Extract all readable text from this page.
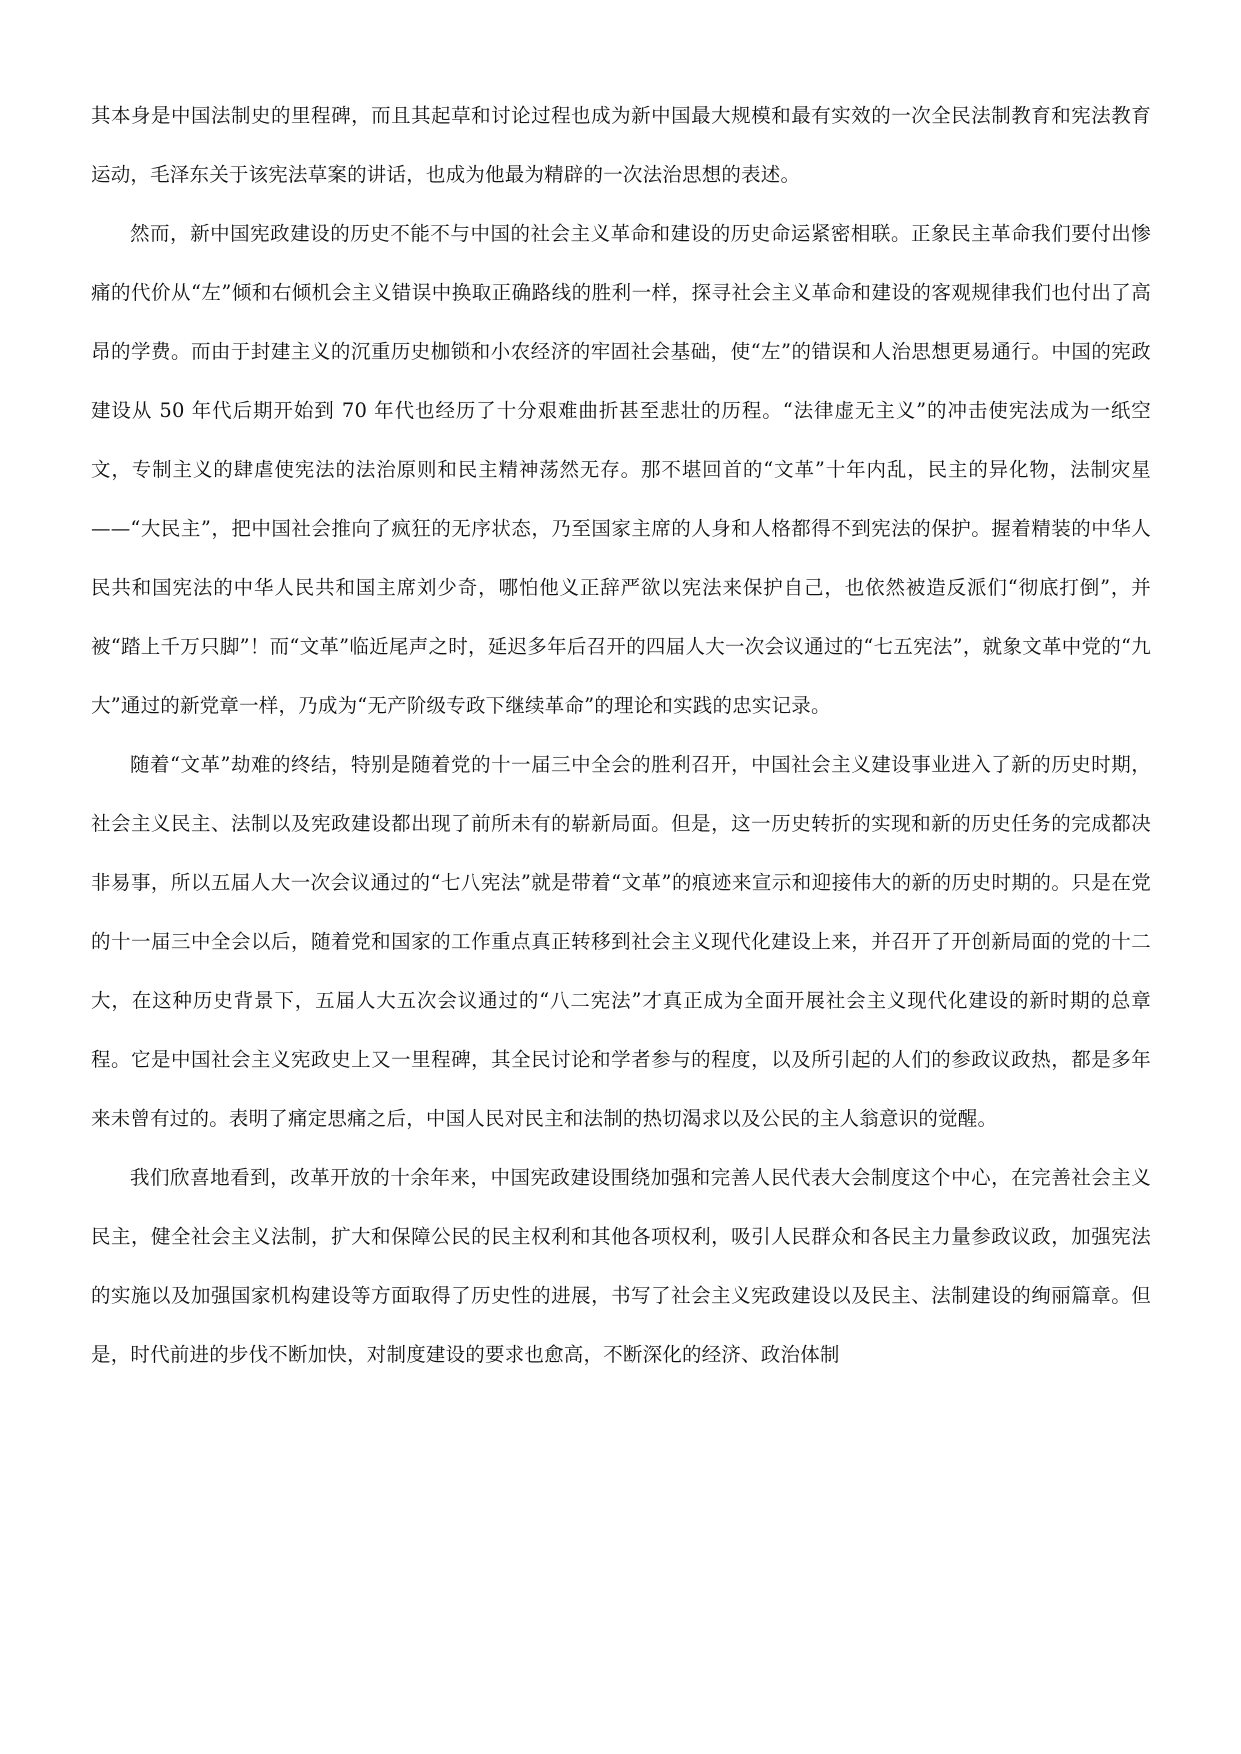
其本身是中国法制史的里程碑，而且其起草和讨论过程也成为新中国最大规模和最有实效的一次全民法制教育和宪法教育运动，毛泽东关于该宪法草案的讲话，也成为他最为精辟的一次法治思想的表述。

然而，新中国宪政建设的历史不能不与中国的社会主义革命和建设的历史命运紧密相联。正象民主革命我们要付出惨痛的代价从“左”倾和右倾机会主义错误中换取正确路线的胜利一样，探寻社会主义革命和建设的客观规律我们也付出了高昂的学费。而由于封建主义的沉重历史枷锁和小农经济的牢固社会基础，使“左”的错误和人治思想更易通行。中国的宪政建设从 50 年代后期开始到 70 年代也经历了十分艰难曲折甚至悲壮的历程。“法律虚无主义”的冲击使宪法成为一纸空文，专制主义的肆虐使宪法的法治原则和民主精神荡然无存。那不堪回首的“文革”十年内乱，民主的异化物，法制灾星——“大民主”，把中国社会推向了疯狂的无序状态，乃至国家主席的人身和人格都得不到宪法的保护。握着精装的中华人民共和国宪法的中华人民共和国主席刘少奇，哪怕他义正辞严欲以宪法来保护自己，也依然被造反派们“彻底打倒”，并被“踏上千万只脚”！而“文革”临近尾声之时，延迟多年后召开的四届人大一次会议通过的“七五宪法”，就象文革中党的“九大”通过的新党章一样，乃成为“无产阶级专政下继续革命”的理论和实践的忠实记录。

随着“文革”劫难的终结，特别是随着党的十一届三中全会的胜利召开，中国社会主义建设事业进入了新的历史时期，社会主义民主、法制以及宪政建设都出现了前所未有的崭新局面。但是，这一历史转折的实现和新的历史任务的完成都决非易事，所以五届人大一次会议通过的“七八宪法”就是带着“文革”的痕迹来宣示和迎接伟大的新的历史时期的。只是在党的十一届三中全会以后，随着党和国家的工作重点真正转移到社会主义现代化建设上来，并召开了开创新局面的党的十二大，在这种历史背景下，五届人大五次会议通过的“八二宪法”才真正成为全面开展社会主义现代化建设的新时期的总章程。它是中国社会主义宪政史上又一里程碑，其全民讨论和学者参与的程度，以及所引起的人们的参政议政热，都是多年来未曾有过的。表明了痛定思痛之后，中国人民对民主和法制的热切渴求以及公民的主人翁意识的觉醒。

我们欣喜地看到，改革开放的十余年来，中国宪政建设围绕加强和完善人民代表大会制度这个中心，在完善社会主义民主，健全社会主义法制，扩大和保障公民的民主权利和其他各项权利，吸引人民群众和各民主力量参政议政，加强宪法的实施以及加强国家机构建设等方面取得了历史性的进展，书写了社会主义宪政建设以及民主、法制建设的绚丽篇章。但是，时代前进的步伐不断加快，对制度建设的要求也愈高，不断深化的经济、政治体制
